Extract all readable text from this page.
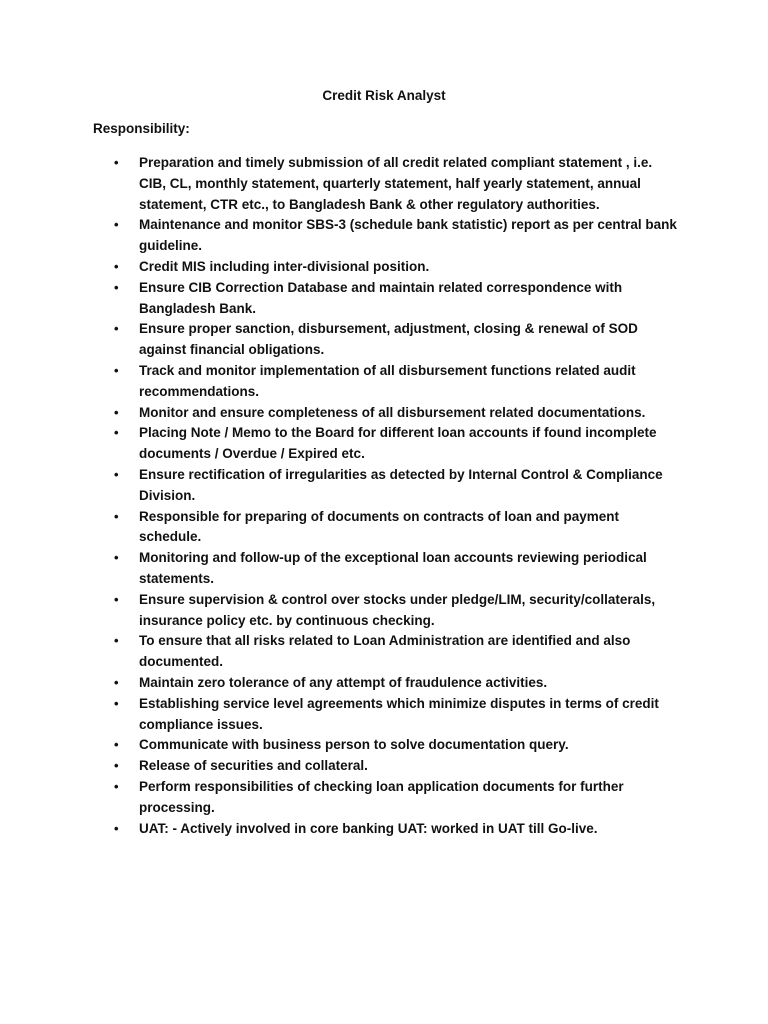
Credit Risk Analyst
Responsibility:
• Preparation and timely submission of all credit related compliant statement , i.e. CIB, CL, monthly statement, quarterly statement, half yearly statement, annual statement, CTR etc., to Bangladesh Bank & other regulatory authorities.
• Maintenance and monitor SBS-3 (schedule bank statistic) report as per central bank guideline.
• Credit MIS including inter-divisional position.
• Ensure CIB Correction Database and maintain related correspondence with Bangladesh Bank.
• Ensure proper sanction, disbursement, adjustment, closing & renewal of SOD against financial obligations.
• Track and monitor implementation of all disbursement functions related audit recommendations.
• Monitor and ensure completeness of all disbursement related documentations.
• Placing Note / Memo to the Board for different loan accounts if found incomplete documents / Overdue / Expired etc.
• Ensure rectification of irregularities as detected by Internal Control & Compliance Division.
• Responsible for preparing of documents on contracts of loan and payment schedule.
• Monitoring and follow-up of the exceptional loan accounts reviewing periodical statements.
• Ensure supervision & control over stocks under pledge/LIM, security/collaterals, insurance policy etc. by continuous checking.
• To ensure that all risks related to Loan Administration are identified and also documented.
• Maintain zero tolerance of any attempt of fraudulence activities.
• Establishing service level agreements which minimize disputes in terms of credit compliance issues.
• Communicate with business person to solve documentation query.
• Release of securities and collateral.
• Perform responsibilities of checking loan application documents for further processing.
• UAT: - Actively involved in core banking UAT: worked in UAT till Go-live.
